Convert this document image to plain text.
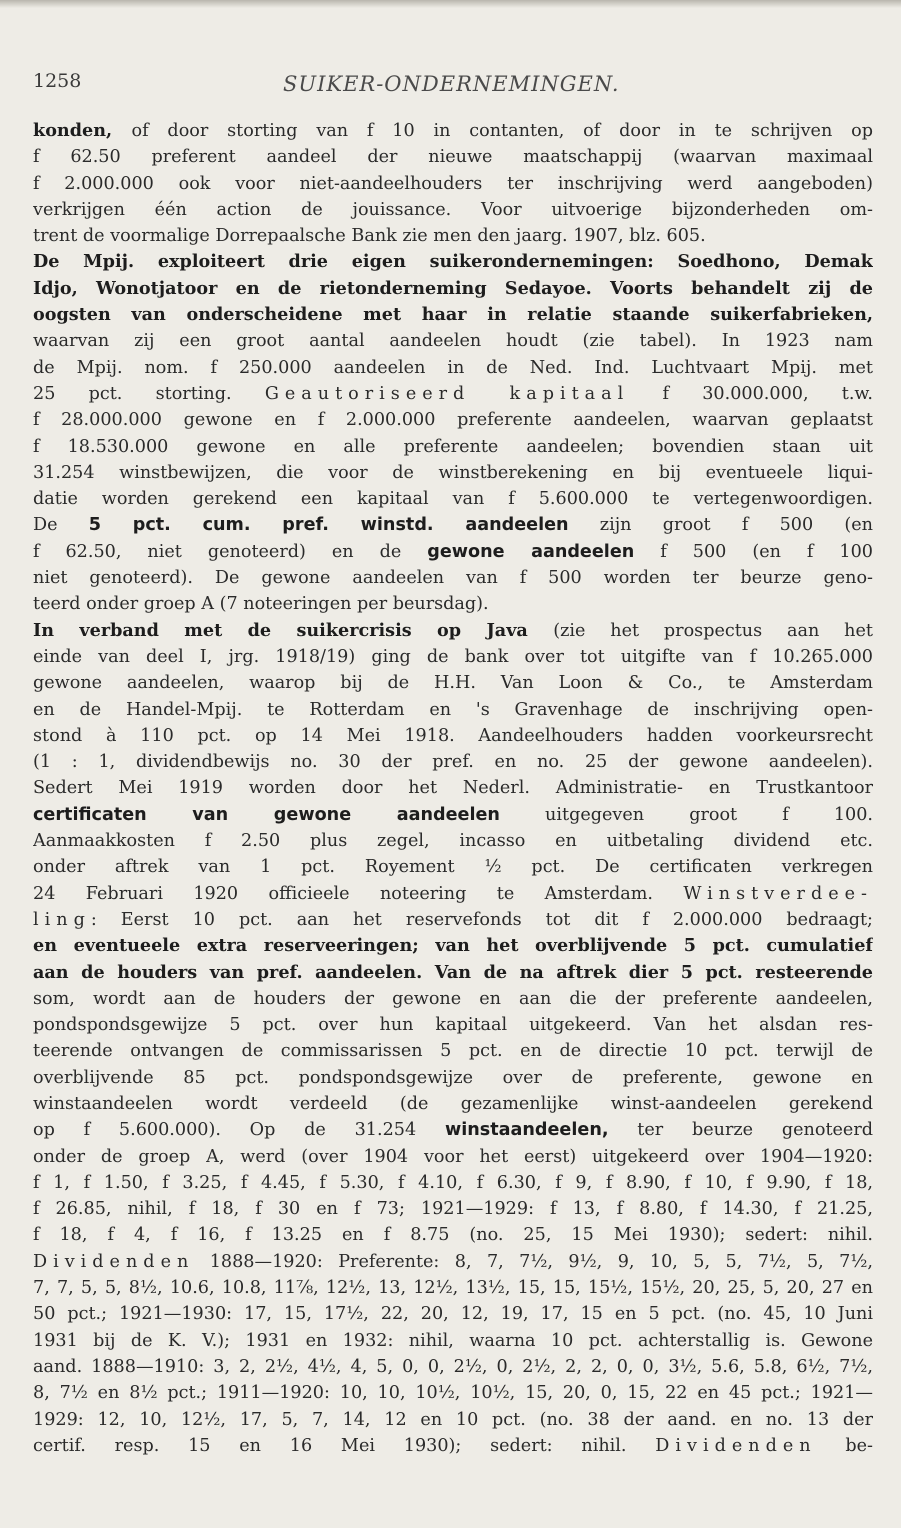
1258	SUIKER-ONDERNEMINGEN.
konden, of door storting van f 10 in contanten, of door in te schrijven op
f 62.50 preferent aandeel der nieuwe maatschappij (waarvan maximaal
f 2.000.000 ook voor niet-aandeelhouders ter inschrijving werd aangeboden)
verkrijgen één action de jouissance. Voor uitvoerige bijzonderheden om-
trent de voormalige Dorrepaalsche Bank zie men den jaarg. 1907, blz. 605.
De Mpij. exploiteert drie eigen suikerondernemingen: Soedhono, Demak
Idjo, Wonotjatoor en de rietonderneming Sedayoe. Voorts behandelt zij de
oogsten van onderscheidene met haar in relatie staande suikerfabrieken,
waarvan zij een groot aantal aandeelen houdt (zie tabel). In 1923 nam
de Mpij. nom. f 250.000 aandeelen in de Ned. Ind. Luchtvaart Mpij. met
25 pct. storting. Geautoriseerd kapitaal f 30.000.000, t.w.
f 28.000.000 gewone en f 2.000.000 preferente aandeelen, waarvan geplaatst
f 18.530.000 gewone en alle preferente aandeelen; bovendien staan uit
31.254 winstbewijzen, die voor de winstberekening en bij eventueele liqui-
datie worden gerekend een kapitaal van f 5.600.000 te vertegenwoordigen.
De 5 pct. cum. pref. winstd. aandeelen zijn groot f 500 (en
f 62.50, niet genoteerd) en de gewone aandeelen f 500 (en f 100
niet genoteerd). De gewone aandeelen van f 500 worden ter beurze geno-
teerd onder groep A (7 noteeringen per beursdag).
In verband met de suikercrisis op Java (zie het prospectus aan het
einde van deel I, jrg. 1918/19) ging de bank over tot uitgifte van f 10.265.000
gewone aandeelen, waarop bij de H.H. Van Loon & Co., te Amsterdam
en de Handel-Mpij. te Rotterdam en 's Gravenhage de inschrijving open-
stond à 110 pct. op 14 Mei 1918. Aandeelhouders hadden voorkeursrecht
(1 : 1, dividendbewijs no. 30 der pref. en no. 25 der gewone aandeelen).
Sedert Mei 1919 worden door het Nederl. Administratie- en Trustkantoor
certificaten van gewone aandeelen uitgegeven groot f 100.
Aanmaakkosten f 2.50 plus zegel, incasso en uitbetaling dividend etc.
onder aftrek van 1 pct. Royement ½ pct. De certificaten verkregen
24 Februari 1920 officieele noteering te Amsterdam. Winstverdee-
ling: Eerst 10 pct. aan het reservefonds tot dit f 2.000.000 bedraagt;
en eventueele extra reserveeringen; van het overblijvende 5 pct. cumulatief
aan de houders van pref. aandeelen. Van de na aftrek dier 5 pct. resteerende
som, wordt aan de houders der gewone en aan die der preferente aandeelen,
pondspondsgewijze 5 pct. over hun kapitaal uitgekeerd. Van het alsdan res-
teerende ontvangen de commissarissen 5 pct. en de directie 10 pct. terwijl de
overblijvende 85 pct. pondspondsgewijze over de preferente, gewone en
winstaandeelen wordt verdeeld (de gezamenlijke winst-aandeelen gerekend
op f 5.600.000). Op de 31.254 winstaandeelen, ter beurze genoteerd
onder de groep A, werd (over 1904 voor het eerst) uitgekeerd over 1904—1920:
f 1, f 1.50, f 3.25, f 4.45, f 5.30, f 4.10, f 6.30, f 9, f 8.90, f 10, f 9.90, f 18,
f 26.85, nihil, f 18, f 30 en f 73; 1921—1929: f 13, f 8.80, f 14.30, f 21.25,
f 18, f 4, f 16, f 13.25 en f 8.75 (no. 25, 15 Mei 1930); sedert: nihil.
Dividenden 1888—1920: Preferente: 8, 7, 7½, 9½, 9, 10, 5, 5, 7½, 5, 7½,
7, 7, 5, 5, 8½, 10.6, 10.8, 11⅞, 12½, 13, 12½, 13½, 15, 15, 15½, 15½, 20, 25, 5, 20, 27 en
50 pct.; 1921—1930: 17, 15, 17½, 22, 20, 12, 19, 17, 15 en 5 pct. (no. 45, 10 Juni
1931 bij de K. V.); 1931 en 1932: nihil, waarna 10 pct. achterstallig is. Gewone
aand. 1888—1910: 3, 2, 2½, 4½, 4, 5, 0, 0, 2½, 0, 2½, 2, 2, 0, 0, 3½, 5.6, 5.8, 6½, 7½,
8, 7½ en 8½ pct.; 1911—1920: 10, 10, 10½, 10½, 15, 20, 0, 15, 22 en 45 pct.; 1921—
1929: 12, 10, 12½, 17, 5, 7, 14, 12 en 10 pct. (no. 38 der aand. en no. 13 der
certif. resp. 15 en 16 Mei 1930); sedert: nihil. Dividenden be-
